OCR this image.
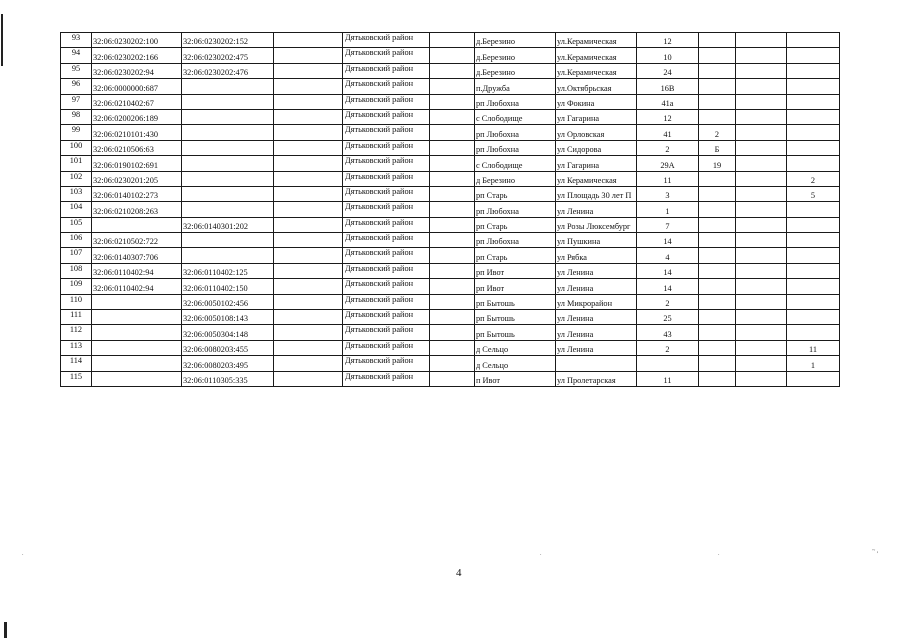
93	32:06:0230202:100	32:06:0230202:152		Дятьковский район		д.Березино	ул.Керамическая	12			
94	32:06:0230202:166	32:06:0230202:475		Дятьковский район		д.Березино	ул.Керамическая	10			
95	32:06:0230202:94	32:06:0230202:476		Дятьковский район		д.Березино	ул.Керамическая	24			
96	32:06:0000000:687			Дятьковский район		п.Дружба	ул.Октябрьская	16В			
97	32:06:0210402:67			Дятьковский район		рп Любохна	ул Фокина	41а			
98	32:06:0200206:189			Дятьковский район		с Слободище	ул Гагарина	12			
99	32:06:0210101:430			Дятьковский район		рп Любохна	ул Орловская	41	2		
100	32:06:0210506:63			Дятьковский район		рп Любохна	ул Сидорова	2	Б		
101	32:06:0190102:691			Дятьковский район		с Слободище	ул Гагарина	29А	19		
102	32:06:0230201:205			Дятьковский район		д Березино	ул Керамическая	11			2
103	32:06:0140102:273			Дятьковский район		рп Старь	ул Площадь 30 лет П	3			5
104	32:06:0210208:263			Дятьковский район		рп Любохна	ул Ленина	1			
105		32:06:0140301:202		Дятьковский район		рп Старь	ул Розы Люксембург	7			
106	32:06:0210502:722			Дятьковский район		рп Любохна	ул Пушкина	14			
107	32:06:0140307:706			Дятьковский район		рп Старь	ул Рябка	4			
108	32:06:0110402:94	32:06:0110402:125		Дятьковский район		рп Ивот	ул Ленина	14			
109	32:06:0110402:94	32:06:0110402:150		Дятьковский район		рп Ивот	ул Ленина	14			
110		32:06:0050102:456		Дятьковский район		рп Бытошь	ул Микрорайон	2			
111		32:06:0050108:143		Дятьковский район		рп Бытошь	ул Ленина	25			
112		32:06:0050304:148		Дятьковский район		рп Бытошь	ул Ленина	43			
113		32:06:0080203:455		Дятьковский район		д Сельцо	ул Ленина	2			11
114		32:06:0080203:495		Дятьковский район		д Сельцо					1
115		32:06:0110305:335		Дятьковский район		п Ивот	ул Пролетарская	11			
.	.	.	~ ,
4
